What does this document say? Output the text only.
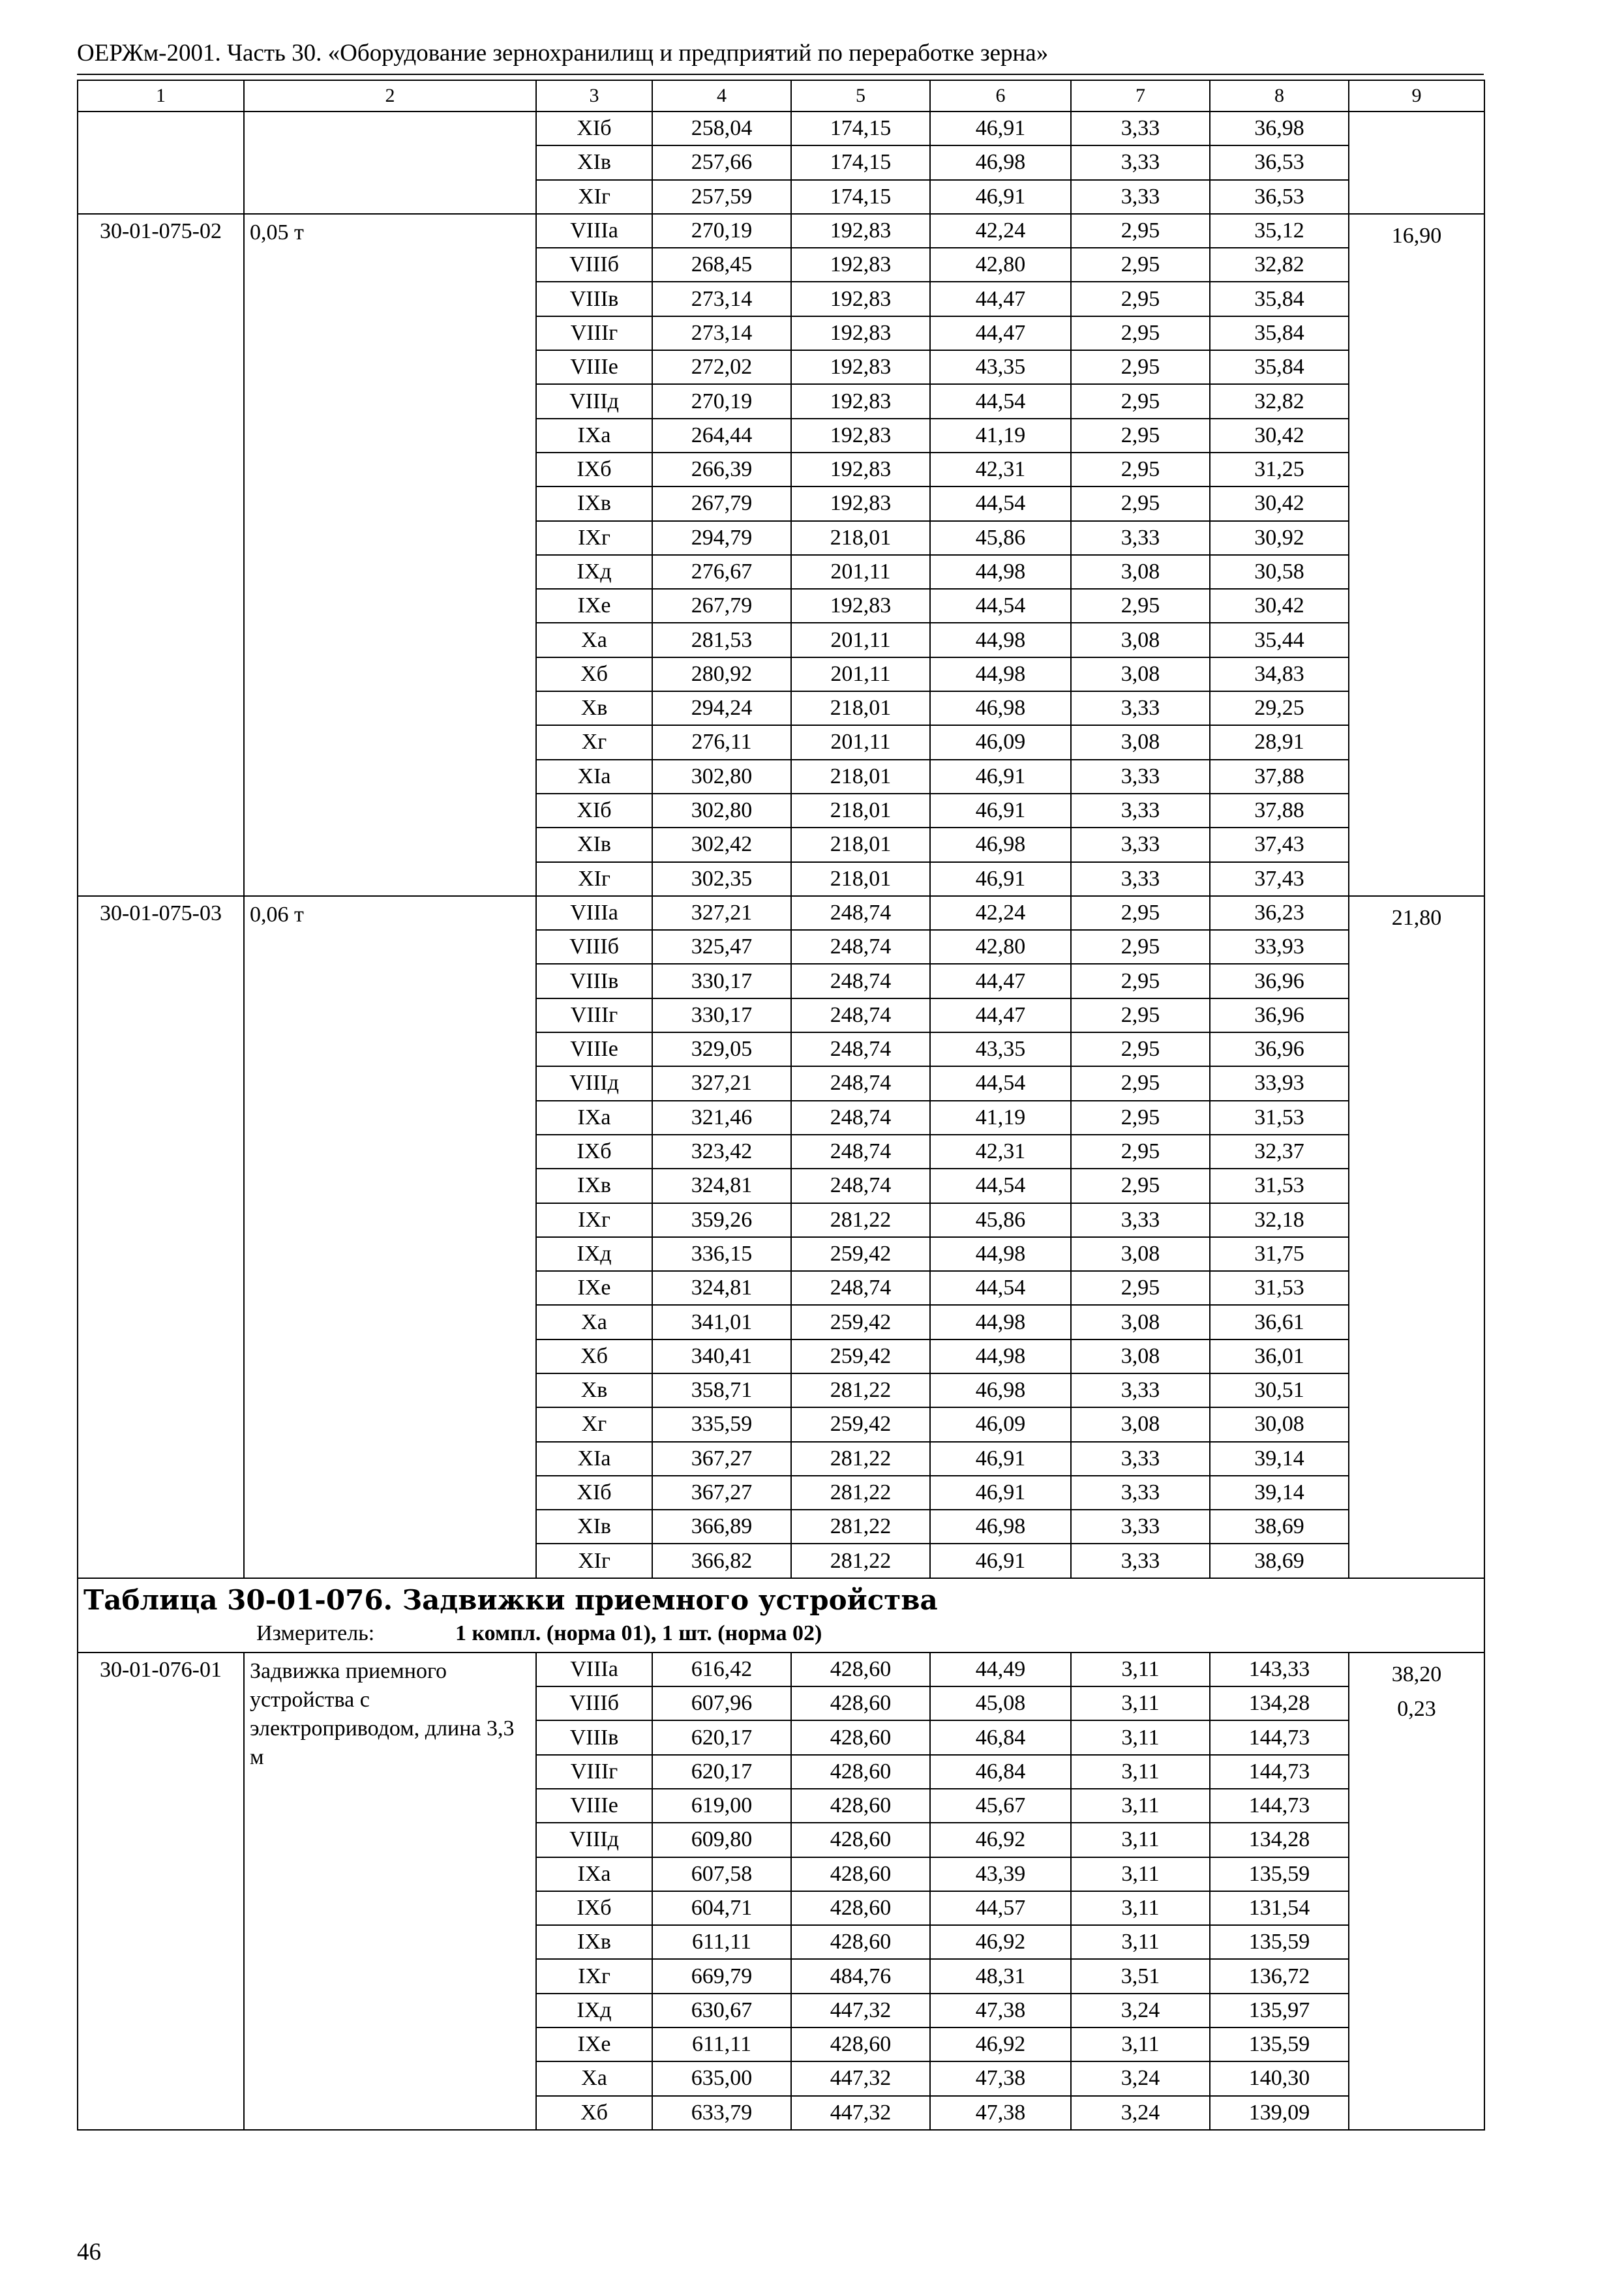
ОЕРЖм-2001. Часть 30. «Оборудование зернохранилищ и предприятий по переработке зерна»
1	2	3	4	5	6	7	8	9
		XIб	258,04	174,15	46,91	3,33	36,98	
		XIв	257,66	174,15	46,98	3,33	36,53	
		XIг	257,59	174,15	46,91	3,33	36,53	
30-01-075-02	0,05 т	VIIIа	270,19	192,83	42,24	2,95	35,12	16,90

		VIIIб	268,45	192,83	42,80	2,95	32,82	
		VIIIв	273,14	192,83	44,47	2,95	35,84	
		VIIIг	273,14	192,83	44,47	2,95	35,84	
		VIIIе	272,02	192,83	43,35	2,95	35,84	
		VIIIд	270,19	192,83	44,54	2,95	32,82	
		IXа	264,44	192,83	41,19	2,95	30,42	
		IXб	266,39	192,83	42,31	2,95	31,25	
		IXв	267,79	192,83	44,54	2,95	30,42	
		IXг	294,79	218,01	45,86	3,33	30,92	
		IXд	276,67	201,11	44,98	3,08	30,58	
		IXе	267,79	192,83	44,54	2,95	30,42	
		Xа	281,53	201,11	44,98	3,08	35,44	
		Xб	280,92	201,11	44,98	3,08	34,83	
		Xв	294,24	218,01	46,98	3,33	29,25	
		Xг	276,11	201,11	46,09	3,08	28,91	
		XIа	302,80	218,01	46,91	3,33	37,88	
		XIб	302,80	218,01	46,91	3,33	37,88	
		XIв	302,42	218,01	46,98	3,33	37,43	
		XIг	302,35	218,01	46,91	3,33	37,43	
30-01-075-03	0,06 т	VIIIа	327,21	248,74	42,24	2,95	36,23	21,80

		VIIIб	325,47	248,74	42,80	2,95	33,93	
		VIIIв	330,17	248,74	44,47	2,95	36,96	
		VIIIг	330,17	248,74	44,47	2,95	36,96	
		VIIIе	329,05	248,74	43,35	2,95	36,96	
		VIIIд	327,21	248,74	44,54	2,95	33,93	
		IXа	321,46	248,74	41,19	2,95	31,53	
		IXб	323,42	248,74	42,31	2,95	32,37	
		IXв	324,81	248,74	44,54	2,95	31,53	
		IXг	359,26	281,22	45,86	3,33	32,18	
		IXд	336,15	259,42	44,98	3,08	31,75	
		IXе	324,81	248,74	44,54	2,95	31,53	
		Xа	341,01	259,42	44,98	3,08	36,61	
		Xб	340,41	259,42	44,98	3,08	36,01	
		Xв	358,71	281,22	46,98	3,33	30,51	
		Xг	335,59	259,42	46,09	3,08	30,08	
		XIа	367,27	281,22	46,91	3,33	39,14	
		XIб	367,27	281,22	46,91	3,33	39,14	
		XIв	366,89	281,22	46,98	3,33	38,69	
		XIг	366,82	281,22	46,91	3,33	38,69	

Таблица 30-01-076. Задвижки приемного устройства
Измеритель: 1 компл. (норма 01), 1 шт. (норма 02)								

30-01-076-01	Задвижка приемного устройства с электроприводом, длина 3,3 м	VIIIа	616,42	428,60	44,49	3,11	143,33	38,20
0,23

		VIIIб	607,96	428,60	45,08	3,11	134,28	
		VIIIв	620,17	428,60	46,84	3,11	144,73	
		VIIIг	620,17	428,60	46,84	3,11	144,73	
		VIIIе	619,00	428,60	45,67	3,11	144,73	
		VIIIд	609,80	428,60	46,92	3,11	134,28	
		IXа	607,58	428,60	43,39	3,11	135,59	
		IXб	604,71	428,60	44,57	3,11	131,54	
		IXв	611,11	428,60	46,92	3,11	135,59	
		IXг	669,79	484,76	48,31	3,51	136,72	
		IXд	630,67	447,32	47,38	3,24	135,97	
		IXе	611,11	428,60	46,92	3,11	135,59	
		Xа	635,00	447,32	47,38	3,24	140,30	
		Xб	633,79	447,32	47,38	3,24	139,09	
46
